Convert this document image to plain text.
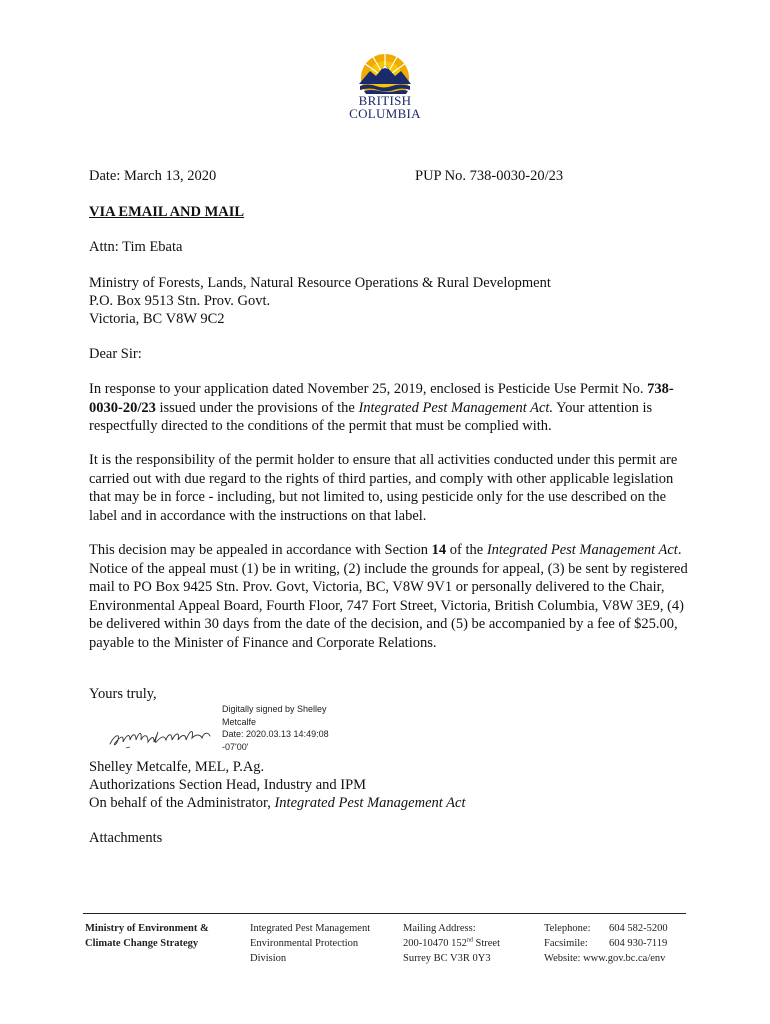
BRITISH
COLUMBIA
Date: March 13, 2020	PUP No. 738-0030-20/23
VIA EMAIL AND MAIL
Attn: Tim Ebata
Ministry of Forests, Lands, Natural Resource Operations & Rural Development
P.O. Box 9513 Stn. Prov. Govt.
Victoria, BC V8W 9C2
Dear Sir:
In response to your application dated November 25, 2019, enclosed is Pesticide Use Permit No. 738-0030-20/23 issued under the provisions of the Integrated Pest Management Act. Your attention is respectfully directed to the conditions of the permit that must be complied with.
It is the responsibility of the permit holder to ensure that all activities conducted under this permit are carried out with due regard to the rights of third parties, and comply with other applicable legislation that may be in force - including, but not limited to, using pesticide only for the use described on the label and in accordance with the instructions on that label.
This decision may be appealed in accordance with Section 14 of the Integrated Pest Management Act. Notice of the appeal must (1) be in writing, (2) include the grounds for appeal, (3) be sent by registered mail to PO Box 9425 Stn. Prov. Govt, Victoria, BC, V8W 9V1 or personally delivered to the Chair, Environmental Appeal Board, Fourth Floor, 747 Fort Street, Victoria, British Columbia, V8W 3E9, (4) be delivered within 30 days from the date of the decision, and (5) be accompanied by a fee of $25.00, payable to the Minister of Finance and Corporate Relations.
Yours truly,
Digitally signed by Shelley
Metcalfe
Date: 2020.03.13 14:49:08
-07'00'
Shelley Metcalfe, MEL, P.Ag.
Authorizations Section Head, Industry and IPM
On behalf of the Administrator, Integrated Pest Management Act
Attachments
Ministry of Environment &
Climate Change Strategy
Integrated Pest Management
Environmental Protection
Division
Mailing Address:
200-10470 152nd Street
Surrey BC V3R 0Y3
Telephone:	604 582-5200
Facsimile:	604 930-7119
Website: www.gov.bc.ca/env
